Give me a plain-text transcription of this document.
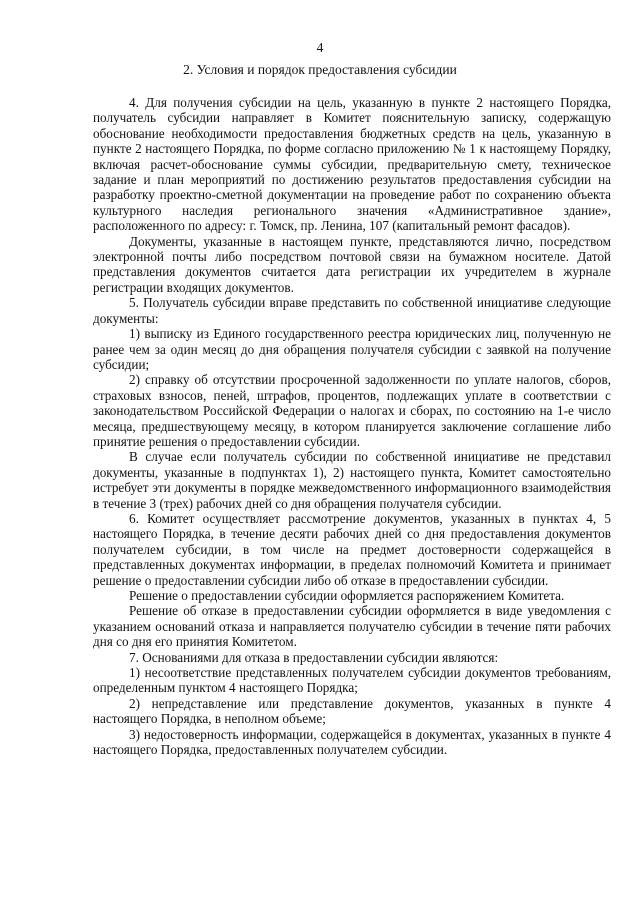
4
2. Условия и порядок предоставления субсидии

4. Для получения субсидии на цель, указанную в пункте 2 настоящего Порядка, получатель субсидии направляет в Комитет пояснительную записку, содержащую обоснование необходимости предоставления бюджетных средств на цель, указанную в пункте 2 настоящего Порядка, по форме согласно приложению № 1 к настоящему Порядку, включая расчет-обоснование суммы субсидии, предварительную смету, техническое задание и план мероприятий по достижению результатов предоставления субсидии на разработку проектно-сметной документации на проведение работ по сохранению объекта культурного наследия регионального значения «Административное здание», расположенного по адресу: г. Томск, пр. Ленина, 107 (капитальный ремонт фасадов).

Документы, указанные в настоящем пункте, представляются лично, посредством электронной почты либо посредством почтовой связи на бумажном носителе. Датой представления документов считается дата регистрации их учредителем в журнале регистрации входящих документов.

5. Получатель субсидии вправе представить по собственной инициативе следующие документы:

1) выписку из Единого государственного реестра юридических лиц, полученную не ранее чем за один месяц до дня обращения получателя субсидии с заявкой на получение субсидии;

2) справку об отсутствии просроченной задолженности по уплате налогов, сборов, страховых взносов, пеней, штрафов, процентов, подлежащих уплате в соответствии с законодательством Российской Федерации о налогах и сборах, по состоянию на 1-е число месяца, предшествующему месяцу, в котором планируется заключение соглашение либо принятие решения о предоставлении субсидии.

В случае если получатель субсидии по собственной инициативе не представил документы, указанные в подпунктах 1), 2) настоящего пункта, Комитет самостоятельно истребует эти документы в порядке межведомственного информационного взаимодействия в течение 3 (трех) рабочих дней со дня обращения получателя субсидии.

6. Комитет осуществляет рассмотрение документов, указанных в пунктах 4, 5 настоящего Порядка, в течение десяти рабочих дней со дня предоставления документов получателем субсидии, в том числе на предмет достоверности содержащейся в представленных документах информации, в пределах полномочий Комитета и принимает решение о предоставлении субсидии либо об отказе в предоставлении субсидии.

Решение о предоставлении субсидии оформляется распоряжением Комитета.

Решение об отказе в предоставлении субсидии оформляется в виде уведомления с указанием оснований отказа и направляется получателю субсидии в течение пяти рабочих дня со дня его принятия Комитетом.

7. Основаниями для отказа в предоставлении субсидии являются:

1) несоответствие представленных получателем субсидии документов требованиям, определенным пунктом 4 настоящего Порядка;

2) непредставление или представление документов, указанных в пункте 4 настоящего Порядка, в неполном объеме;

3) недостоверность информации, содержащейся в документах, указанных в пункте 4 настоящего Порядка, предоставленных получателем субсидии.
